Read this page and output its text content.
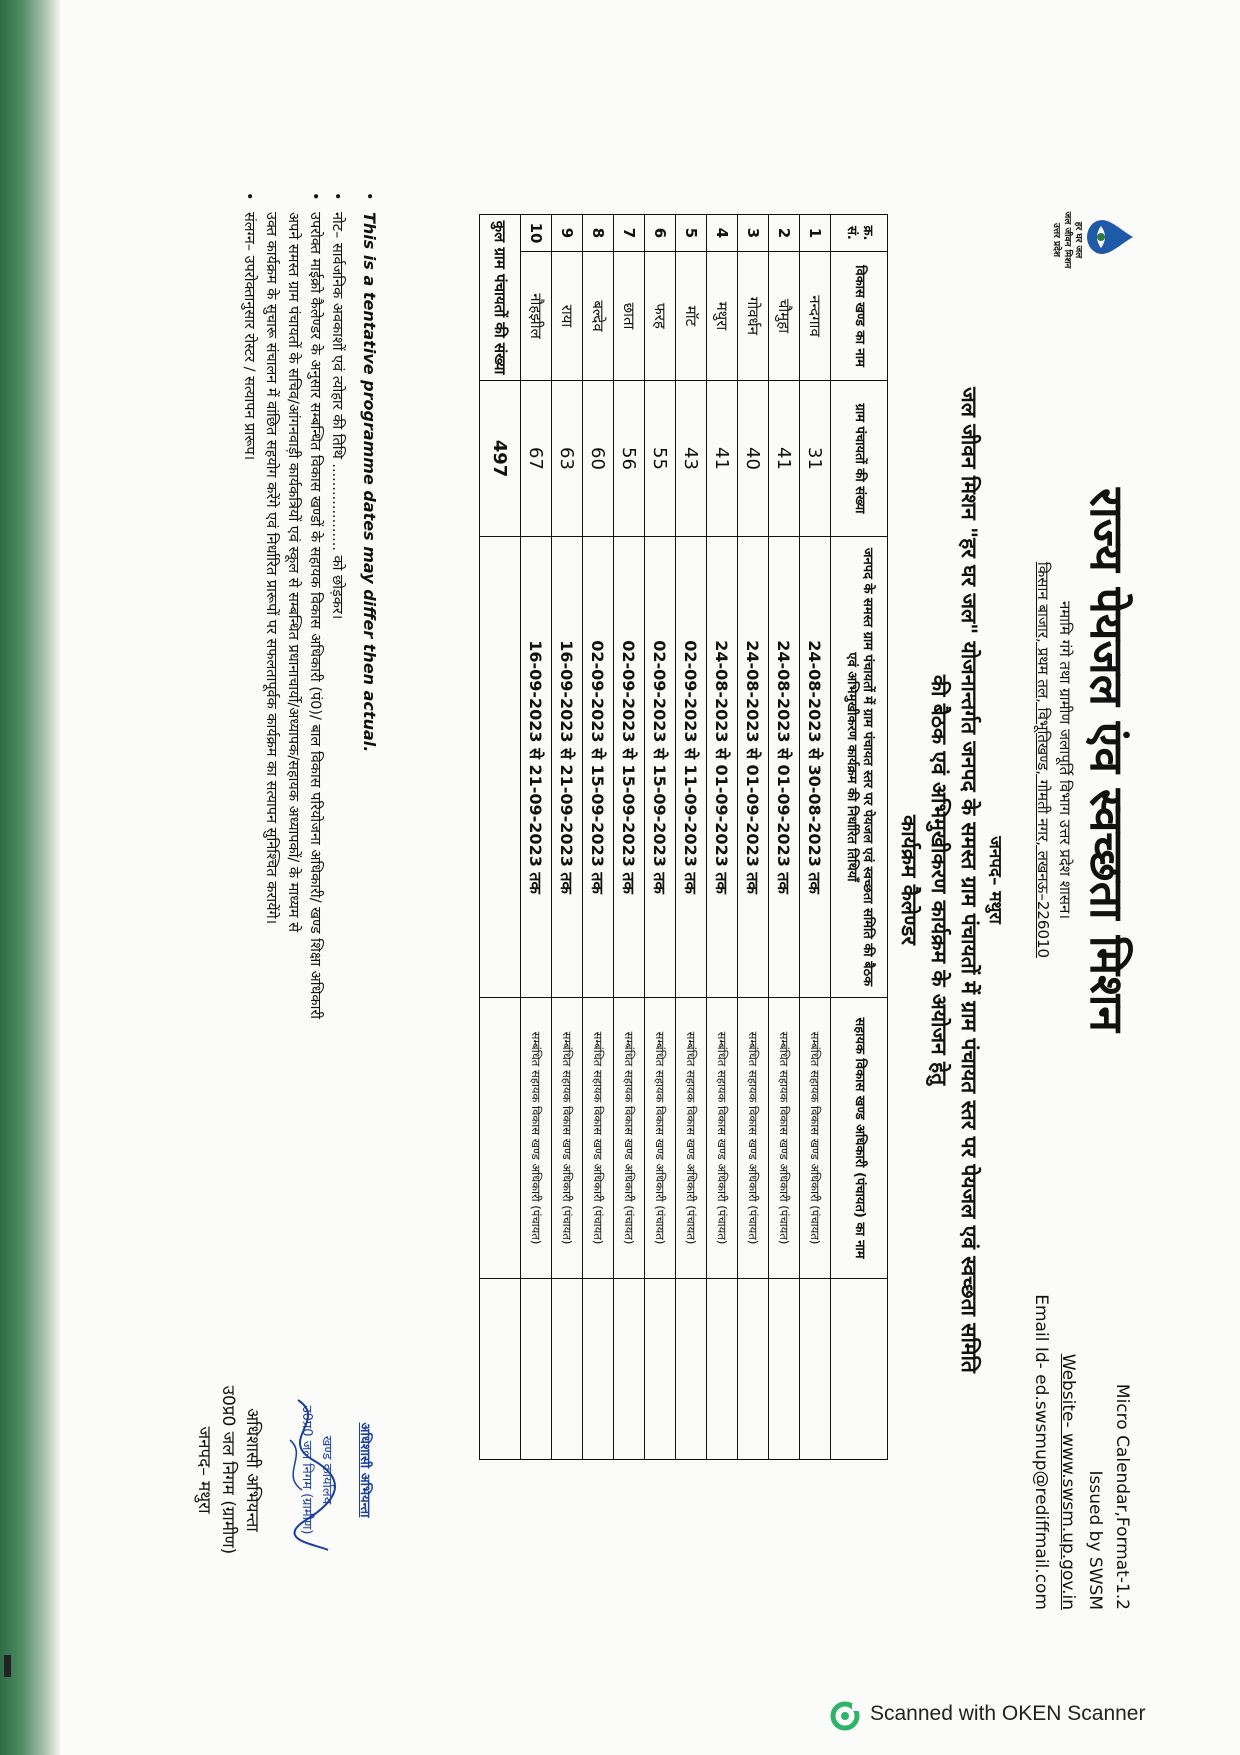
हर घर जल
जल जीवन मिशन
उत्तर प्रदेश
राज्य पेयजल एंव स्वच्छता मिशन
नमामि गंगे तथा ग्रामीण जलापूर्ति विभाग उत्तर प्रदेश शासन।
किसान बाजार, प्रथम तल, विभूतिखण्ड, गोमती नगर, लखनऊ–226010
Micro Calendar,Format-1.2
Issued by SWSM
Website- www.swsm.up.gov.in
Email Id- ed.swsmup@rediffmail.com
जनपद– मथुरा
जल जीवन मिशन "हर घर जल" योजनान्तर्गत जनपद के समस्त ग्राम पंचायतों में ग्राम पंचायत स्तर पर पेयजल एवं स्वच्छता समिति
की बैठक एवं अभिमुखीकरण कार्यक्रम के अयोजन हेतु
कार्यक्रम कैलेण्डर
क्र. सं.	विकास खण्ड का नाम	ग्राम पंचायतों की संख्या	जनपद के समस्त ग्राम पंचायतों में ग्राम पंचायत स्तर पर पेयजल एवं स्वच्छता समिति की बैठक एवं अभिमुखीकरण कार्यक्रम की निर्धारित तिथियाँ	सहायक विकास खण्ड अधिकारी (पंचायत) का नाम	
1	नन्दगाव	31	24-08-2023 से 30-08-2023 तक	सम्बंधित सहायक विकास खण्ड अधिकारी (पंचायत)	
2	चौमुहा	41	24-08-2023 से 01-09-2023 तक	सम्बंधित सहायक विकास खण्ड अधिकारी (पंचायत)	
3	गोवर्धन	40	24-08-2023 से 01-09-2023 तक	सम्बंधित सहायक विकास खण्ड अधिकारी (पंचायत)	
4	मथुरा	41	24-08-2023 से 01-09-2023 तक	सम्बंधित सहायक विकास खण्ड अधिकारी (पंचायत)	
5	मॉट	43	02-09-2023 से 11-09-2023 तक	सम्बंधित सहायक विकास खण्ड अधिकारी (पंचायत)	
6	फरह	55	02-09-2023 से 15-09-2023 तक	सम्बंधित सहायक विकास खण्ड अधिकारी (पंचायत)	
7	छाता	56	02-09-2023 से 15-09-2023 तक	सम्बंधित सहायक विकास खण्ड अधिकारी (पंचायत)	
8	बल्देव	60	02-09-2023 से 15-09-2023 तक	सम्बंधित सहायक विकास खण्ड अधिकारी (पंचायत)	
9	राया	63	16-09-2023 से 21-09-2023 तक	सम्बंधित सहायक विकास खण्ड अधिकारी (पंचायत)	
10	नौहझील	67	16-09-2023 से 21-09-2023 तक	सम्बंधित सहायक विकास खण्ड अधिकारी (पंचायत)	
कुल ग्राम पंचायतों की संख्या		497			
•
This is a tentative programme dates may differ then actual.
•
नोट– सार्वजनिक अवकाशों एवं त्योहार की तिथि ................... को छोड़कर।
•
उपरोक्त माईक्रो कैलेण्डर के अनुसार सम्बन्धित विकास खण्डों के सहायक विकास अधिकारी (पं0)/ बाल विकास परियोजना अधिकारी/ खण्ड शिक्षा अधिकारी
अपने समस्त ग्राम पंचायतों के सचिव/आंगनवाड़ी कार्यकत्रियों एवं स्कूल से सम्बन्धित प्रधानाचार्यो/अध्यापक/सहायक अध्यापकों/ के माध्यम से
उक्त कार्यक्रम के सुचारू संचालन में वांछित सहयोग करेंगे एवं निर्धारित प्रारूपों पर सफलतापूर्वक कार्यक्रम का सत्यापन सुनिश्चित करायेंगे।
•
संलग्न– उपरोक्तानुसार रोस्टर / सत्यापन प्रारूप।
अधिशासी अभियन्ता
खण्ड कार्यालय
उ0प्र0 जल निगम (ग्रामीण)
अधिशासी अभियन्ता
उ0प्र0 जल निगम (ग्रामीण)
जनपद– मथुरा
Scanned with OKEN Scanner
